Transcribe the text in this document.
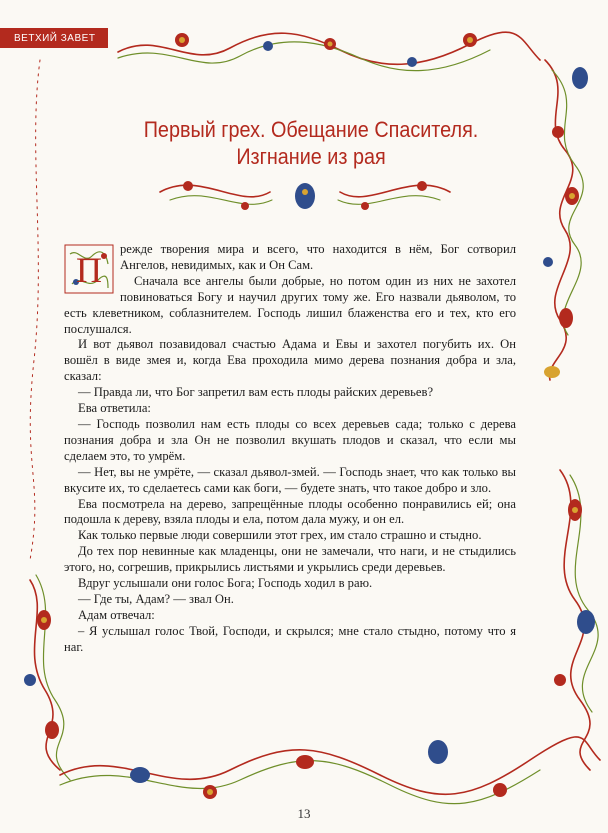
ВЕТХИЙ ЗАВЕТ
Первый грех. Обещание Спасителя.
Изгнание из рая
П

режде творения мира и всего, что находится в нём, Бог сотворил Ангелов, невидимых, как и Он Сам.

Сначала все ангелы были добрые, но потом один из них не захотел повиноваться Богу и научил других тому же. Его назвали дьяволом, то есть клеветником, соблазнителем. Господь лишил блаженства его и тех, кто его послушался.

И вот дьявол позавидовал счастью Адама и Евы и захотел погубить их. Он вошёл в виде змея и, когда Ева проходила мимо дерева познания добра и зла, сказал:

— Правда ли, что Бог запретил вам есть плоды райских деревьев?

Ева ответила:

— Господь позволил нам есть плоды со всех деревьев сада; только с дерева познания добра и зла Он не позволил вкушать плодов и сказал, что если мы сделаем это, то умрём.

— Нет, вы не умрёте, — сказал дьявол-змей. — Господь знает, что как только вы вкусите их, то сделаетесь сами как боги, — будете знать, что такое добро и зло.

Ева посмотрела на дерево, запрещённые плоды особенно понравились ей; она подошла к дереву, взяла плоды и ела, потом дала мужу, и он ел.

Как только первые люди совершили этот грех, им стало страшно и стыдно.

До тех пор невинные как младенцы, они не замечали, что наги, и не стыдились этого, но, согрешив, прикрылись листьями и укрылись среди деревьев.

Вдруг услышали они голос Бога; Господь ходил в раю.

— Где ты, Адам? — звал Он.

Адам отвечал:

– Я услышал голос Твой, Господи, и скрылся; мне стало стыдно, потому что я наг.

13
